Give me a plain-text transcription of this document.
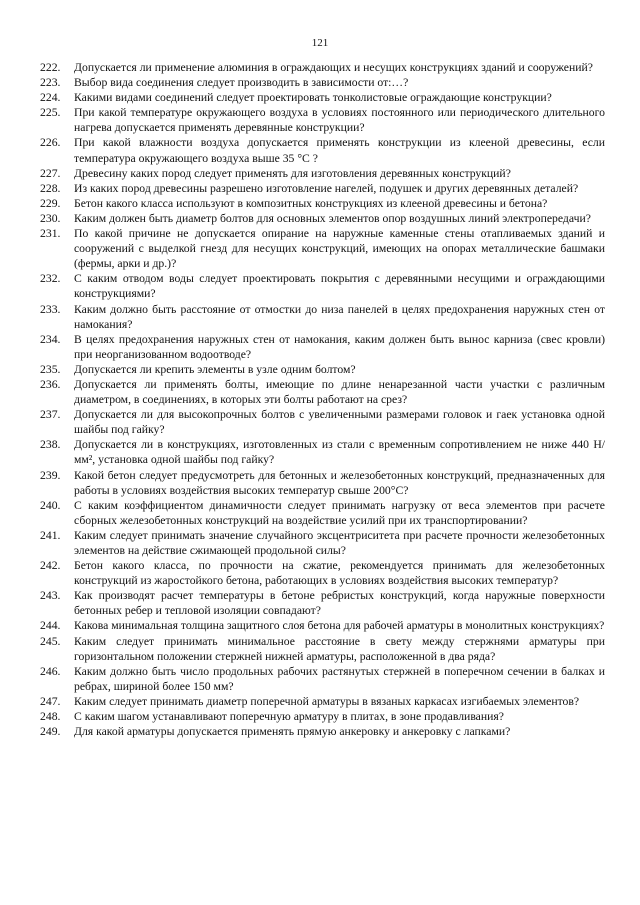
121
222.	Допускается ли применение алюминия в ограждающих и несущих конструкциях зданий и сооружений?
223.	Выбор вида соединения следует производить в зависимости от:…?
224.	Какими видами соединений следует проектировать тонколистовые ограждающие конструкции?
225.	При какой температуре окружающего воздуха в условиях постоянного или периодического длительного нагрева допускается применять деревянные конструкции?
226.	При какой влажности воздуха допускается применять конструкции из клееной древесины, если температура окружающего воздуха выше 35 °С ?
227.	Древесину каких пород следует применять для изготовления деревянных конструкций?
228.	Из каких пород древесины разрешено изготовление нагелей, подушек и других деревянных деталей?
229.	Бетон какого класса используют в композитных конструкциях из клееной древесины и бетона?
230.	Каким должен быть диаметр болтов для основных элементов опор воздушных линий электропередачи?
231.	По какой причине не допускается опирание на наружные каменные стены отапливаемых зданий и сооружений с выделкой гнезд для несущих конструкций, имеющих на опорах металлические башмаки (фермы, арки и др.)?
232.	С каким отводом воды следует проектировать покрытия с деревянными несущими и ограждающими конструкциями?
233.	Каким должно быть расстояние от отмостки до низа панелей в целях предохранения наружных стен от намокания?
234.	В целях предохранения наружных стен от намокания, каким должен быть вынос карниза (свес кровли) при неорганизованном водоотводе?
235.	Допускается ли крепить элементы в узле одним болтом?
236.	Допускается ли применять болты, имеющие по длине ненарезанной части участки с различным диаметром, в соединениях, в которых эти болты работают на срез?
237.	Допускается ли для высокопрочных болтов с увеличенными размерами головок и гаек установка одной шайбы под гайку?
238.	Допускается ли в конструкциях, изготовленных из стали с временным сопротивлением не ниже 440 Н/мм², установка одной шайбы под гайку?
239.	Какой бетон следует предусмотреть для бетонных и железобетонных конструкций, предназначенных для работы в условиях воздействия высоких температур свыше 200°С?
240.	С каким коэффициентом динамичности следует принимать нагрузку от веса элементов при расчете сборных железобетонных конструкций на воздействие усилий при их транспортировании?
241.	Каким следует принимать значение случайного эксцентриситета при расчете прочности железобетонных элементов на действие сжимающей продольной силы?
242.	Бетон какого класса, по прочности на сжатие, рекомендуется принимать для железобетонных конструкций из жаростойкого бетона, работающих в условиях воздействия высоких температур?
243.	Как производят расчет температуры в бетоне ребристых конструкций, когда наружные поверхности бетонных ребер и тепловой изоляции совпадают?
244.	Какова минимальная толщина защитного слоя бетона для рабочей арматуры в монолитных конструкциях?
245.	Каким следует принимать минимальное расстояние в свету между стержнями арматуры при горизонтальном положении стержней нижней арматуры, расположенной в два ряда?
246.	Каким должно быть число продольных рабочих растянутых стержней в поперечном сечении в балках и ребрах, шириной более 150 мм?
247.	Каким следует принимать диаметр поперечной арматуры в вязаных каркасах изгибаемых элементов?
248.	С каким шагом устанавливают поперечную арматуру в плитах, в зоне продавливания?
249.	Для какой арматуры допускается применять прямую анкеровку и анкеровку с лапками?
